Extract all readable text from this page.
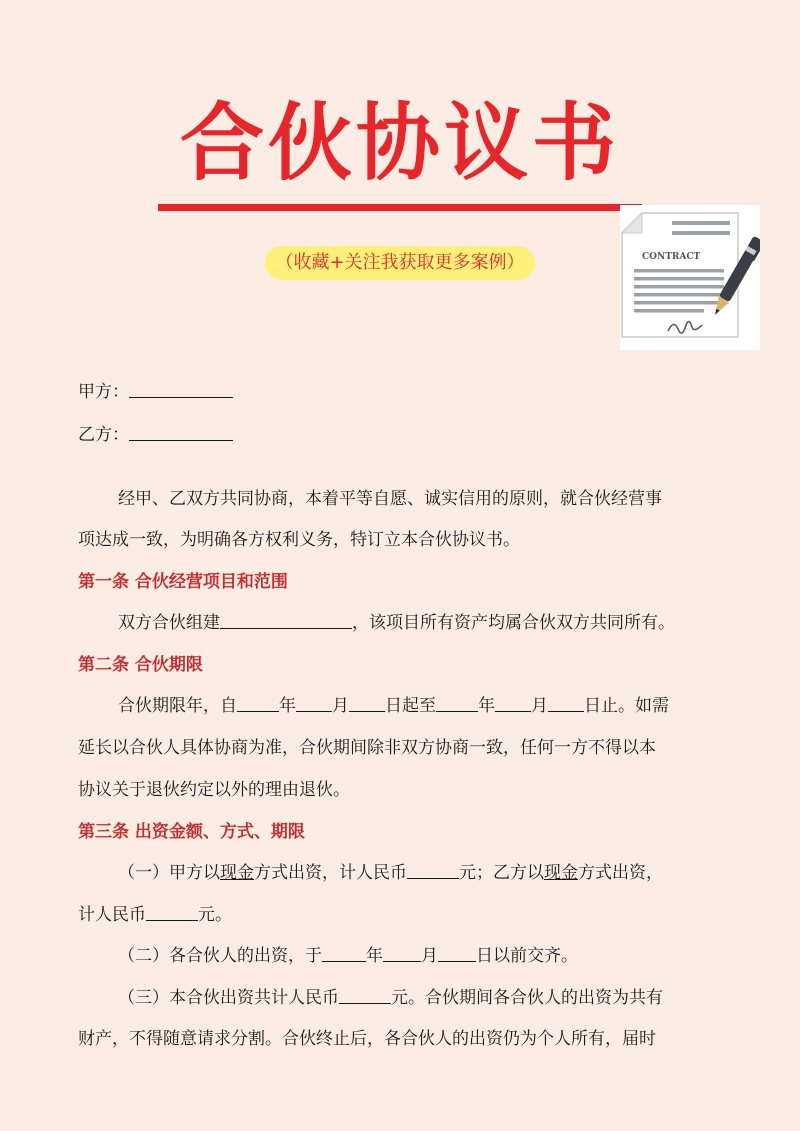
合伙协议书
（收藏+关注我获取更多案例）	CONTRACT
甲方：
乙方：
经甲、乙双方共同协商，本着平等自愿、诚实信用的原则，就合伙经营事
项达成一致，为明确各方权利义务，特订立本合伙协议书。
第一条 合伙经营项目和范围
双方合伙组建	，该项目所有资产均属合伙双方共同所有。
第二条 合伙期限
合伙期限年，自 年 月 日起至 年 月 日止。如需
延长以合伙人具体协商为准，合伙期间除非双方协商一致，任何一方不得以本
协议关于退伙约定以外的理由退伙。
第三条 出资金额、方式、期限
（一）甲方以现金方式出资，计人民币	元；乙方以现金方式出资，
计人民币	元。
（二）各合伙人的出资，于	年 月 日以前交齐。
（三）本合伙出资共计人民币	元。合伙期间各合伙人的出资为共有
财产，不得随意请求分割。合伙终止后，各合伙人的出资仍为个人所有，届时
